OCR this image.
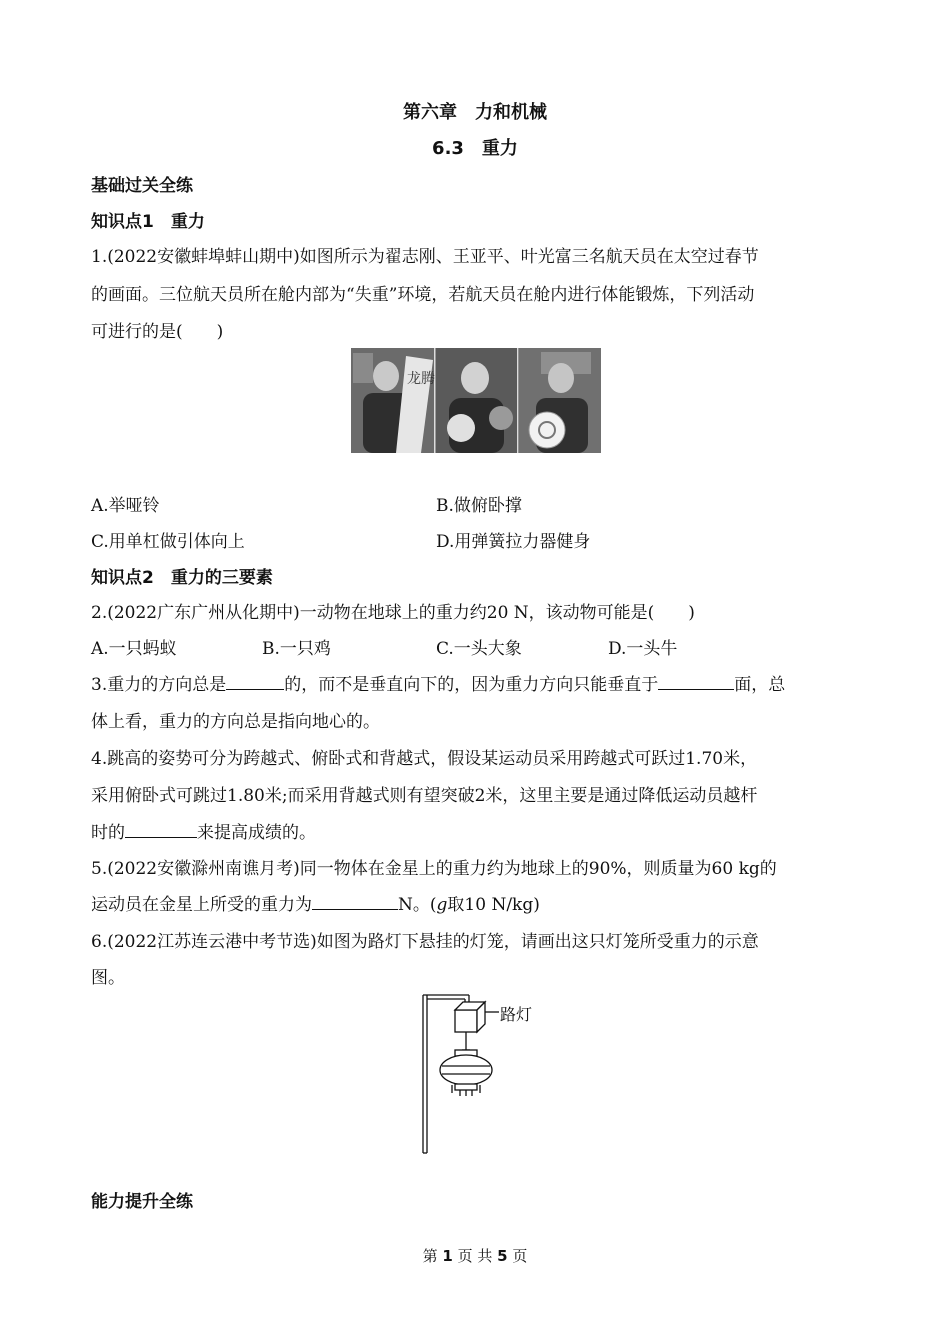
第六章　力和机械
6.3　重力
基础过关全练
知识点1　重力
1.(2022安徽蚌埠蚌山期中)如图所示为翟志刚、王亚平、叶光富三名航天员在太空过春节
的画面。三位航天员所在舱内部为“失重”环境，若航天员在舱内进行体能锻炼，下列活动
可进行的是(　　)
龙腾
A.举哑铃	B.做俯卧撑
C.用单杠做引体向上	D.用弹簧拉力器健身
知识点2　重力的三要素
2.(2022广东广州从化期中)一动物在地球上的重力约20 N，该动物可能是(　　)
A.一只蚂蚁	B.一只鸡	C.一头大象	D.一头牛
3.重力的方向总是	的，而不是垂直向下的，因为重力方向只能垂直于	面，总
体上看，重力的方向总是指向地心的。
4.跳高的姿势可分为跨越式、俯卧式和背越式，假设某运动员采用跨越式可跃过1.70米，
采用俯卧式可跳过1.80米;而采用背越式则有望突破2米，这里主要是通过降低运动员越杆
时的	来提高成绩的。
5.(2022安徽滁州南谯月考)同一物体在金星上的重力约为地球上的90%，则质量为60 kg的
运动员在金星上所受的重力为	N。(g取10 N/kg)
6.(2022江苏连云港中考节选)如图为路灯下悬挂的灯笼，请画出这只灯笼所受重力的示意
图。
路灯
能力提升全练
第 1 页 共 5 页
